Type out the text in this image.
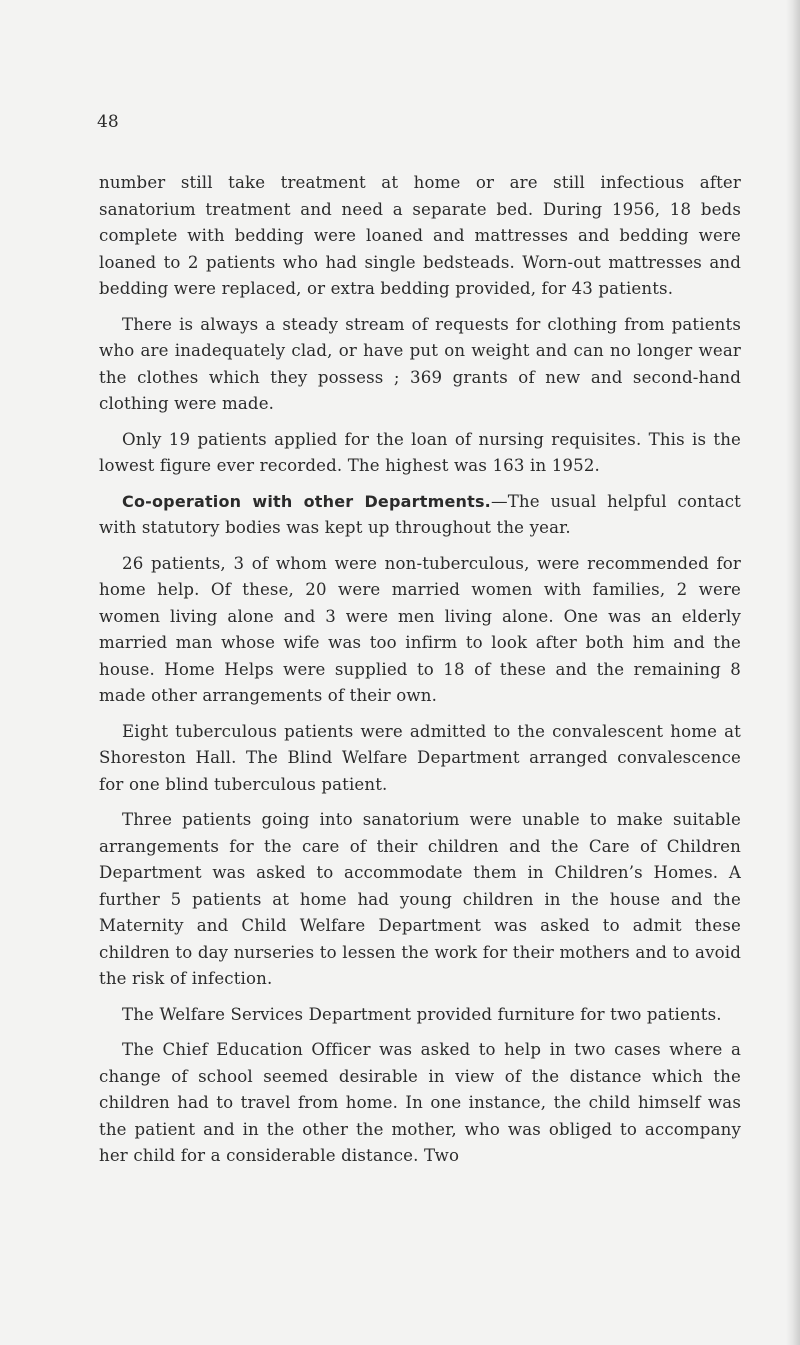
48

number still take treatment at home or are still infectious after sanatorium treatment and need a separate bed. During 1956, 18 beds complete with bedding were loaned and mattresses and bedding were loaned to 2 patients who had single bedsteads. Worn-out mattresses and bedding were replaced, or extra bedding provided, for 43 patients.

There is always a steady stream of requests for clothing from patients who are inadequately clad, or have put on weight and can no longer wear the clothes which they possess ; 369 grants of new and second-hand clothing were made.

Only 19 patients applied for the loan of nursing requisites. This is the lowest figure ever recorded. The highest was 163 in 1952.

Co-operation with other Departments.—The usual helpful contact with statutory bodies was kept up throughout the year.

26 patients, 3 of whom were non-tuberculous, were recommended for home help. Of these, 20 were married women with families, 2 were women living alone and 3 were men living alone. One was an elderly married man whose wife was too infirm to look after both him and the house. Home Helps were supplied to 18 of these and the remaining 8 made other arrangements of their own.

Eight tuberculous patients were admitted to the convalescent home at Shoreston Hall. The Blind Welfare Department arranged convalescence for one blind tuberculous patient.

Three patients going into sanatorium were unable to make suitable arrangements for the care of their children and the Care of Children Department was asked to accommodate them in Children’s Homes. A further 5 patients at home had young children in the house and the Maternity and Child Welfare Department was asked to admit these children to day nurseries to lessen the work for their mothers and to avoid the risk of infection.

The Welfare Services Department provided furniture for two patients.

The Chief Education Officer was asked to help in two cases where a change of school seemed desirable in view of the distance which the children had to travel from home. In one instance, the child himself was the patient and in the other the mother, who was obliged to accompany her child for a considerable distance. Two
